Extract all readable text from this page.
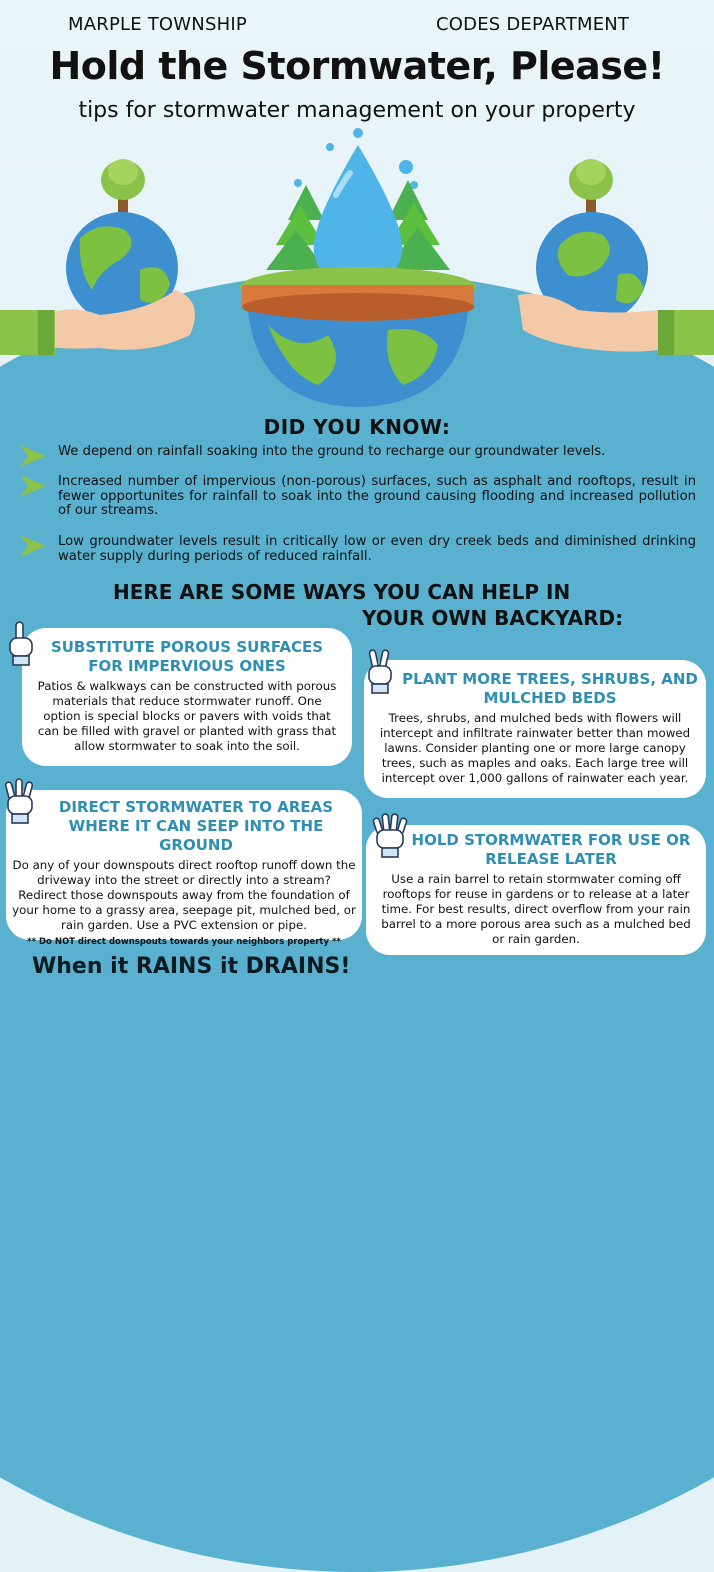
MARPLE TOWNSHIP	CODES DEPARTMENT
Hold the Stormwater, Please!
tips for stormwater management on your property
DID YOU KNOW:
We depend on rainfall soaking into the ground to recharge our groundwater levels.
Increased number of impervious (non-porous) surfaces, such as asphalt and rooftops, result in fewer opportunites for rainfall to soak into the ground causing flooding and increased pollution of our streams.
Low groundwater levels result in critically low or even dry creek beds and diminished drinking water supply during periods of reduced rainfall.
HERE ARE SOME WAYS YOU CAN HELP IN
YOUR OWN BACKYARD:
SUBSTITUTE POROUS SURFACES FOR IMPERVIOUS ONES
Patios & walkways can be constructed with porous materials that reduce stormwater runoff. One option is special blocks or pavers with voids that can be filled with gravel or planted with grass that allow stormwater to soak into the soil.
PLANT MORE TREES, SHRUBS, AND MULCHED BEDS
Trees, shrubs, and mulched beds with flowers will intercept and infiltrate rainwater better than mowed lawns. Consider planting one or more large canopy trees, such as maples and oaks. Each large tree will intercept over 1,000 gallons of rainwater each year.
DIRECT STORMWATER TO AREAS WHERE IT CAN SEEP INTO THE GROUND
Do any of your downspouts direct rooftop runoff down the driveway into the street or directly into a stream? Redirect those downspouts away from the foundation of your home to a grassy area, seepage pit, mulched bed, or rain garden. Use a PVC extension or pipe.
** Do NOT direct downspouts towards your neighbors property **
HOLD STORMWATER FOR USE OR RELEASE LATER
Use a rain barrel to retain stormwater coming off rooftops for reuse in gardens or to release at a later time. For best results, direct overflow from your rain barrel to a more porous area such as a mulched bed or rain garden.
When it RAINS it DRAINS!
